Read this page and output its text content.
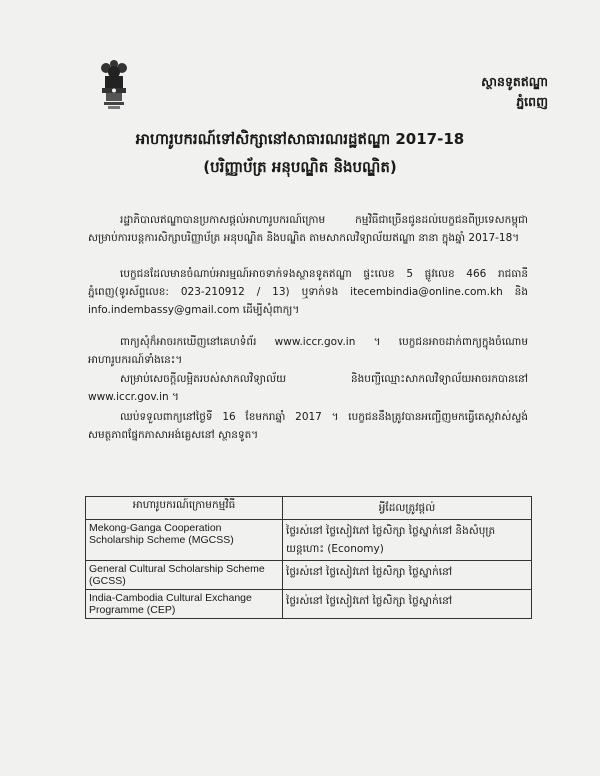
ស្ថានទូតឥណ្ឌា
ភ្នំពេញ
អាហារូបករណ៍ទៅសិក្សានៅសាធារណរដ្ឋឥណ្ឌា 2017-18
(បរិញ្ញាប័ត្រ អនុបណ្ឌិត និងបណ្ឌិត)
រដ្ឋាភិបាលឥណ្ឌាបានប្រកាសផ្តល់អាហារូបករណ៍ក្រោម កម្មវិធីជាច្រើនជូនដល់បេក្ខជនពីប្រទេសកម្ពុជាសម្រាប់ការបន្តការសិក្សាបរិញ្ញាប័ត្រ អនុបណ្ឌិត និងបណ្ឌិត តាមសាកលវិទ្យាល័យឥណ្ឌា នានា ក្នុងឆ្នាំ 2017-18។
បេក្ខជនដែលមានចំណាប់អារម្មណ៍អាចទាក់ទងស្ថានទូតឥណ្ឌា ផ្ទះលេខ 5 ផ្លូវលេខ 466 រាជធានីភ្នំពេញ(ទូរស័ព្ទលេខ: 023-210912 / 13) ឬទាក់ទង itecembindia@online.com.kh និង info.indembassy@gmail.com ដើម្បីសុំពាក្យ។
ពាក្យសុំក៏អាចរកឃើញនៅគេហទំព័រ www.iccr.gov.in ។ បេក្ខជនអាចដាក់ពាក្យក្នុងចំណោមអាហារូបករណ៍ទាំងនេះ។
សម្រាប់សេចក្តីលម្អិតរបស់សាកលវិទ្យាល័យ និងបញ្ជីឈ្មោះសាកលវិទ្យាល័យអាចរកបាននៅ www.iccr.gov.in ។
ឈប់ទទួលពាក្យនៅថ្ងៃទី 16 ខែមករាឆ្នាំ 2017 ។ បេក្ខជននឹងត្រូវបានអញ្ជើញមកធ្វើតេស្តវាស់ស្ទង់សមត្ថភាពផ្នែកភាសាអង់គ្លេសនៅ ស្ថានទូត។
អាហារូបករណ៍ក្រោមកម្មវិធី	អ្វីដែលត្រូវផ្តល់
Mekong-Ganga Cooperation Scholarship Scheme (MGCSS)	ថ្លៃរស់នៅ ថ្លៃសៀវភៅ ថ្លៃសិក្សា ថ្លៃស្នាក់នៅ និងសំបុត្រយន្តហោះ (Economy)
General Cultural Scholarship Scheme (GCSS)	ថ្លៃរស់នៅ ថ្លៃសៀវភៅ ថ្លៃសិក្សា ថ្លៃស្នាក់នៅ
India-Cambodia Cultural Exchange Programme (CEP)	ថ្លៃរស់នៅ ថ្លៃសៀវភៅ ថ្លៃសិក្សា ថ្លៃស្នាក់នៅ
